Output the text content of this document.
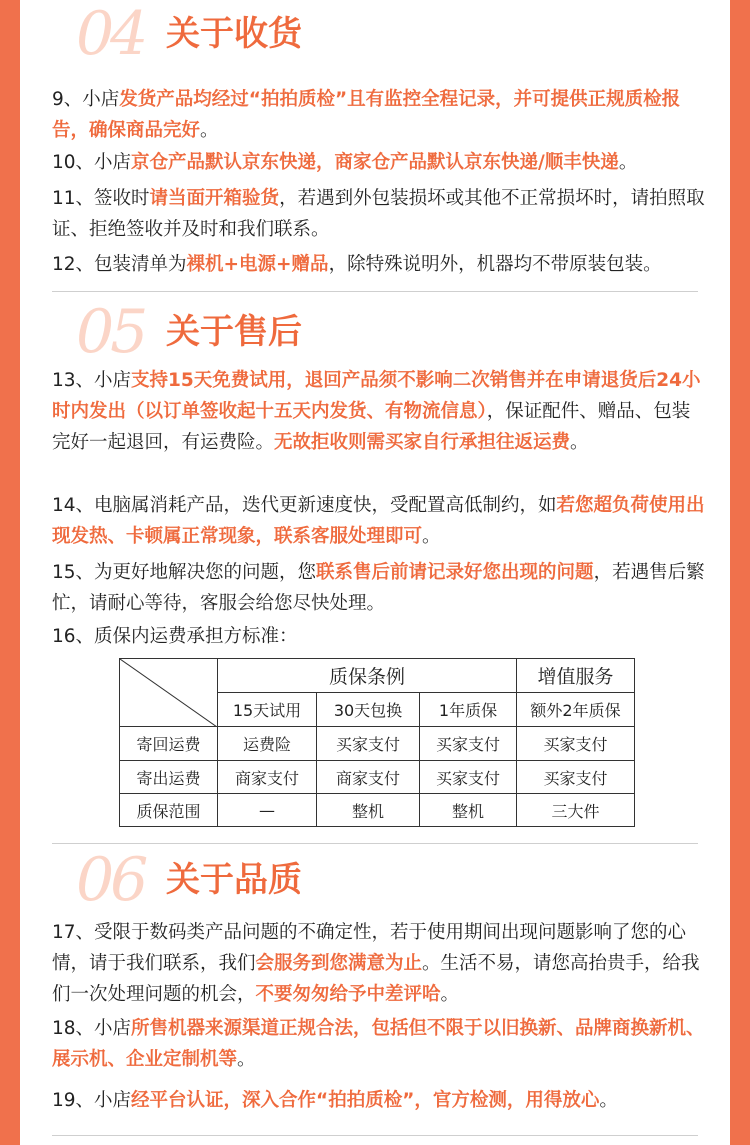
04 关于收货
9、小店发货产品均经过“拍拍质检”且有监控全程记录，并可提供正规质检报告，确保商品完好。
10、小店京仓产品默认京东快递，商家仓产品默认京东快递/顺丰快递。
11、签收时请当面开箱验货，若遇到外包装损坏或其他不正常损坏时，请拍照取证、拒绝签收并及时和我们联系。
12、包装清单为裸机+电源+赠品，除特殊说明外，机器均不带原装包装。
05 关于售后
13、小店支持15天免费试用，退回产品须不影响二次销售并在申请退货后24小时内发出（以订单签收起十五天内发货、有物流信息），保证配件、赠品、包装完好一起退回，有运费险。无故拒收则需买家自行承担往返运费。
14、电脑属消耗产品，迭代更新速度快，受配置高低制约，如若您超负荷使用出现发热、卡顿属正常现象，联系客服处理即可。
15、为更好地解决您的问题，您联系售后前请记录好您出现的问题，若遇售后繁忙，请耐心等待，客服会给您尽快处理。
16、质保内运费承担方标准：
	质保条例			增值服务
	15天试用	30天包换	1年质保	额外2年质保
寄回运费	运费险	买家支付	买家支付	买家支付
寄出运费	商家支付	商家支付	买家支付	买家支付
质保范围	—	整机	整机	三大件
06 关于品质
17、受限于数码类产品问题的不确定性，若于使用期间出现问题影响了您的心情，请于我们联系，我们会服务到您满意为止。生活不易，请您高抬贵手，给我们一次处理问题的机会，不要匆匆给予中差评哈。
18、小店所售机器来源渠道正规合法，包括但不限于以旧换新、品牌商换新机、展示机、企业定制机等。
19、小店经平台认证，深入合作“拍拍质检”，官方检测，用得放心。
